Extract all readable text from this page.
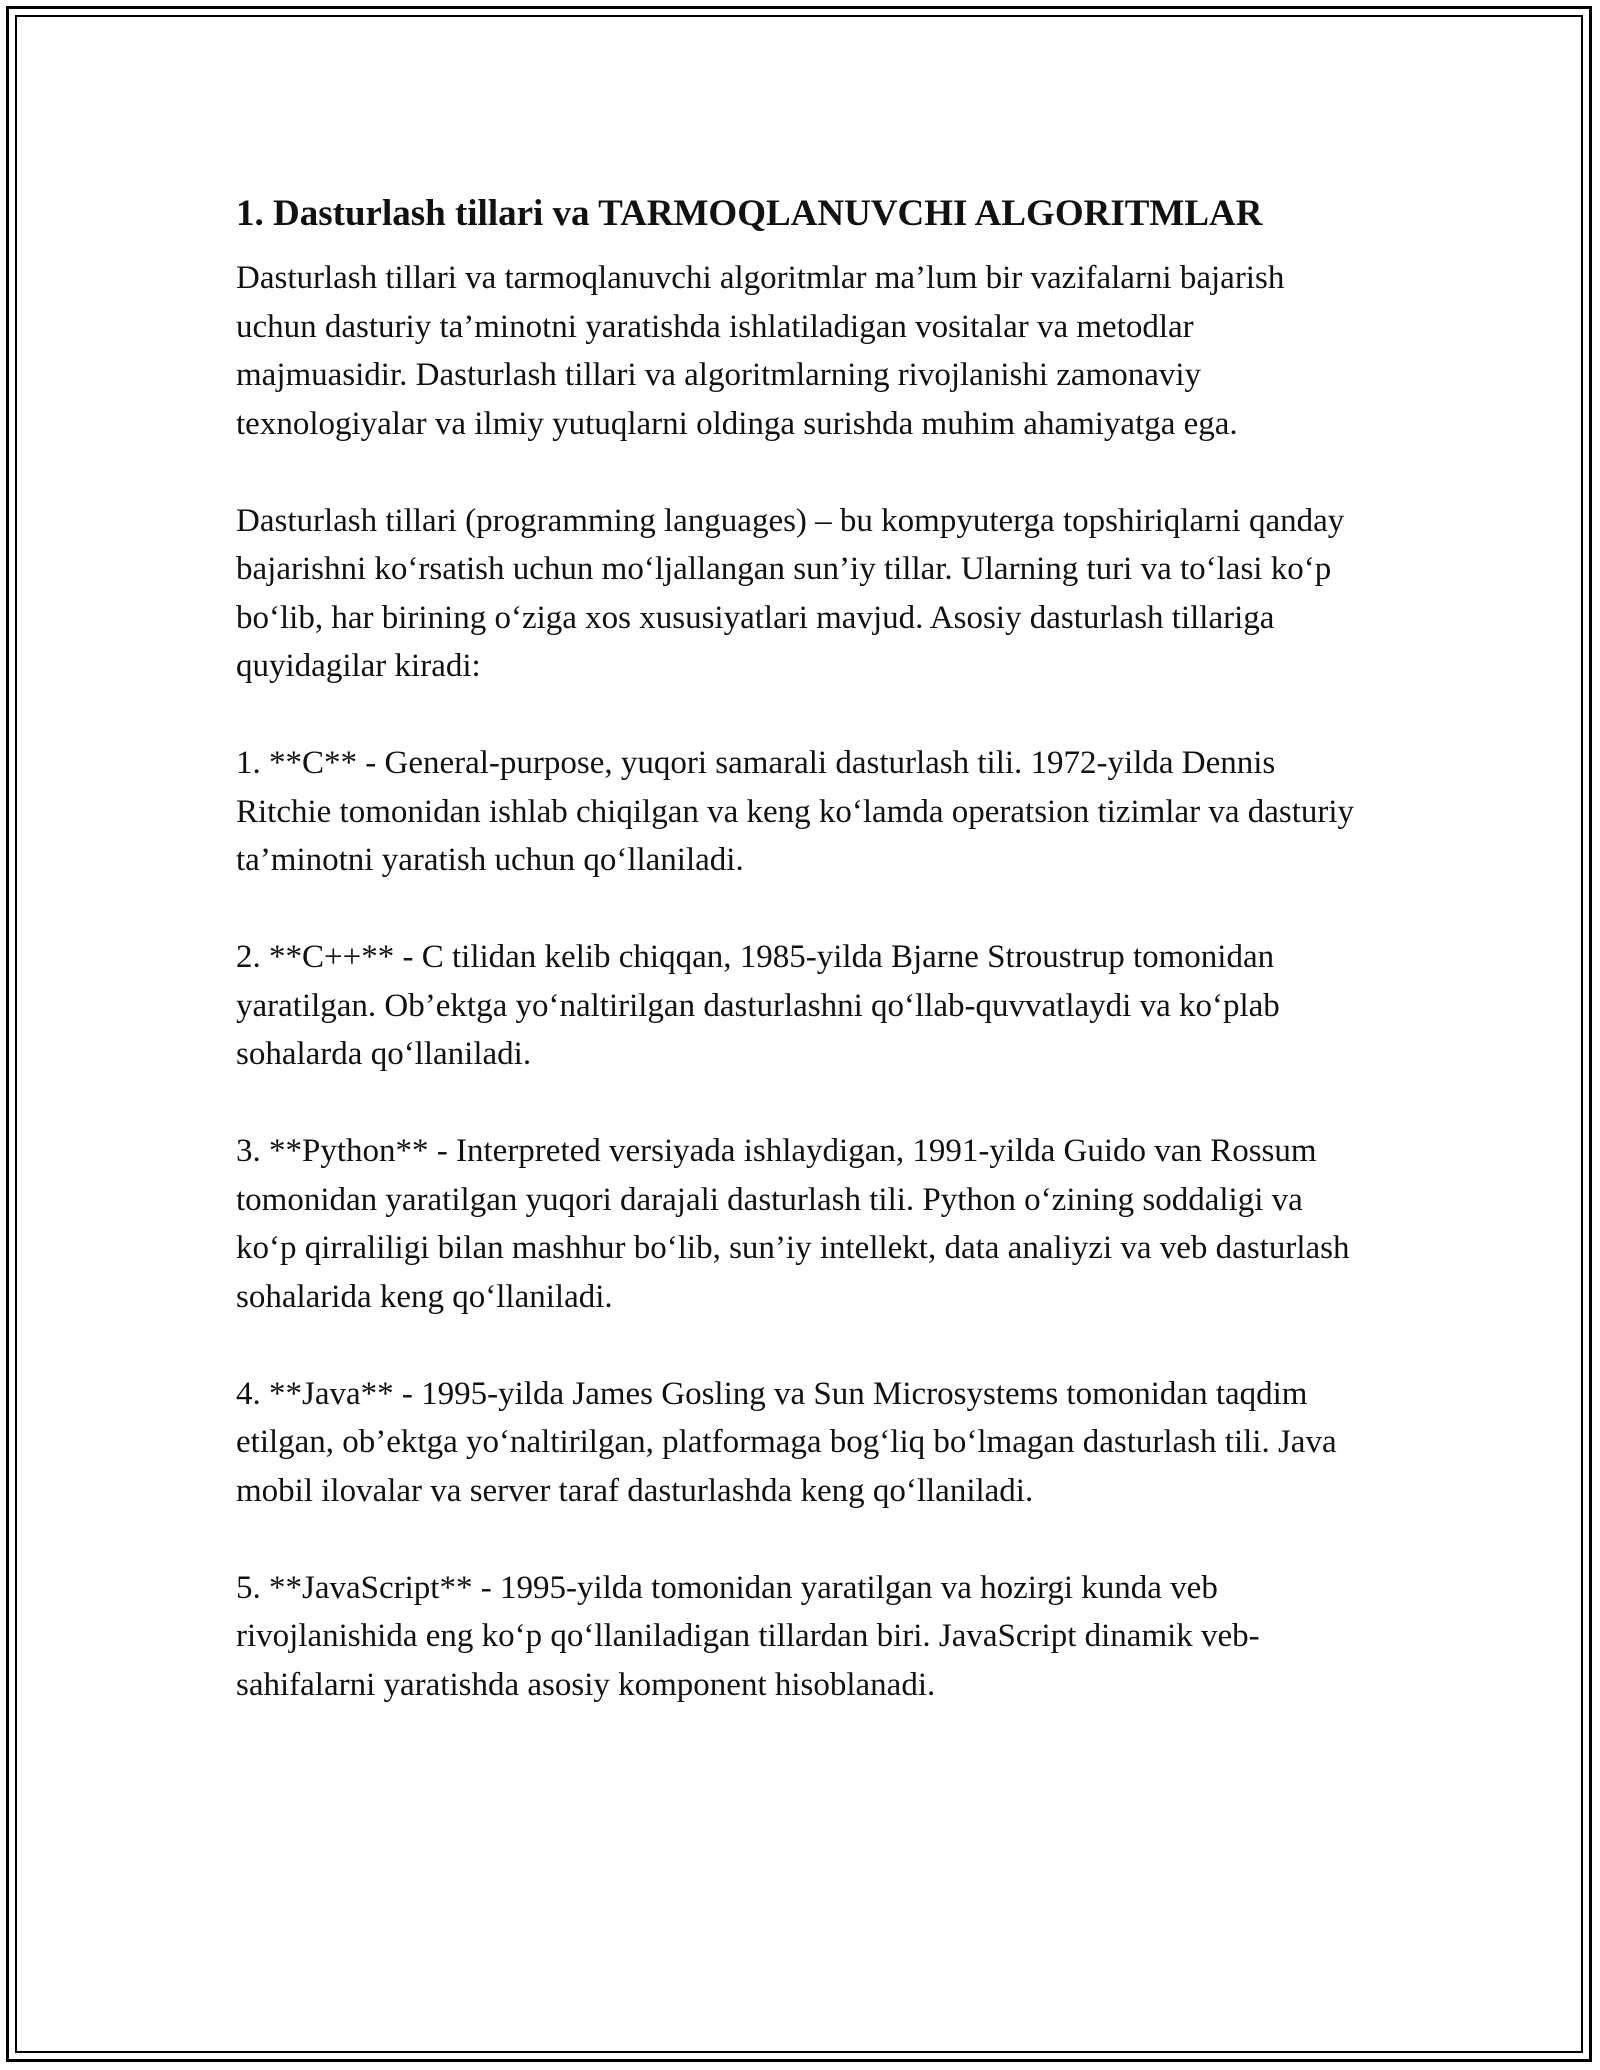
1. Dasturlash tillari va TARMOQLANUVCHI ALGORITMLAR

Dasturlash tillari va tarmoqlanuvchi algoritmlar ma’lum bir vazifalarni bajarish uchun dasturiy ta’minotni yaratishda ishlatiladigan vositalar va metodlar majmuasidir. Dasturlash tillari va algoritmlarning rivojlanishi zamonaviy texnologiyalar va ilmiy yutuqlarni oldinga surishda muhim ahamiyatga ega.

Dasturlash tillari (programming languages) – bu kompyuterga topshiriqlarni qanday bajarishni koʻrsatish uchun moʻljallangan sun’iy tillar. Ularning turi va toʻlasi koʻp boʻlib, har birining oʻziga xos xususiyatlari mavjud. Asosiy dasturlash tillariga quyidagilar kiradi:

1. **C** - General-purpose, yuqori samarali dasturlash tili. 1972-yilda Dennis Ritchie tomonidan ishlab chiqilgan va keng koʻlamda operatsion tizimlar va dasturiy ta’minotni yaratish uchun qoʻllaniladi.

2. **C++** - C tilidan kelib chiqqan, 1985-yilda Bjarne Stroustrup tomonidan yaratilgan. Ob’ektga yoʻnaltirilgan dasturlashni qoʻllab-quvvatlaydi va koʻplab sohalarda qoʻllaniladi.

3. **Python** - Interpreted versiyada ishlaydigan, 1991-yilda Guido van Rossum tomonidan yaratilgan yuqori darajali dasturlash tili. Python oʻzining soddaligi va koʻp qirraliligi bilan mashhur boʻlib, sun’iy intellekt, data analiyzi va veb dasturlash sohalarida keng qoʻllaniladi.

4. **Java** - 1995-yilda James Gosling va Sun Microsystems tomonidan taqdim etilgan, ob’ektga yoʻnaltirilgan, platformaga bogʻliq boʻlmagan dasturlash tili. Java mobil ilovalar va server taraf dasturlashda keng qoʻllaniladi.

5. **JavaScript** - 1995-yilda tomonidan yaratilgan va hozirgi kunda veb rivojlanishida eng koʻp qoʻllaniladigan tillardan biri. JavaScript dinamik veb-sahifalarni yaratishda asosiy komponent hisoblanadi.
